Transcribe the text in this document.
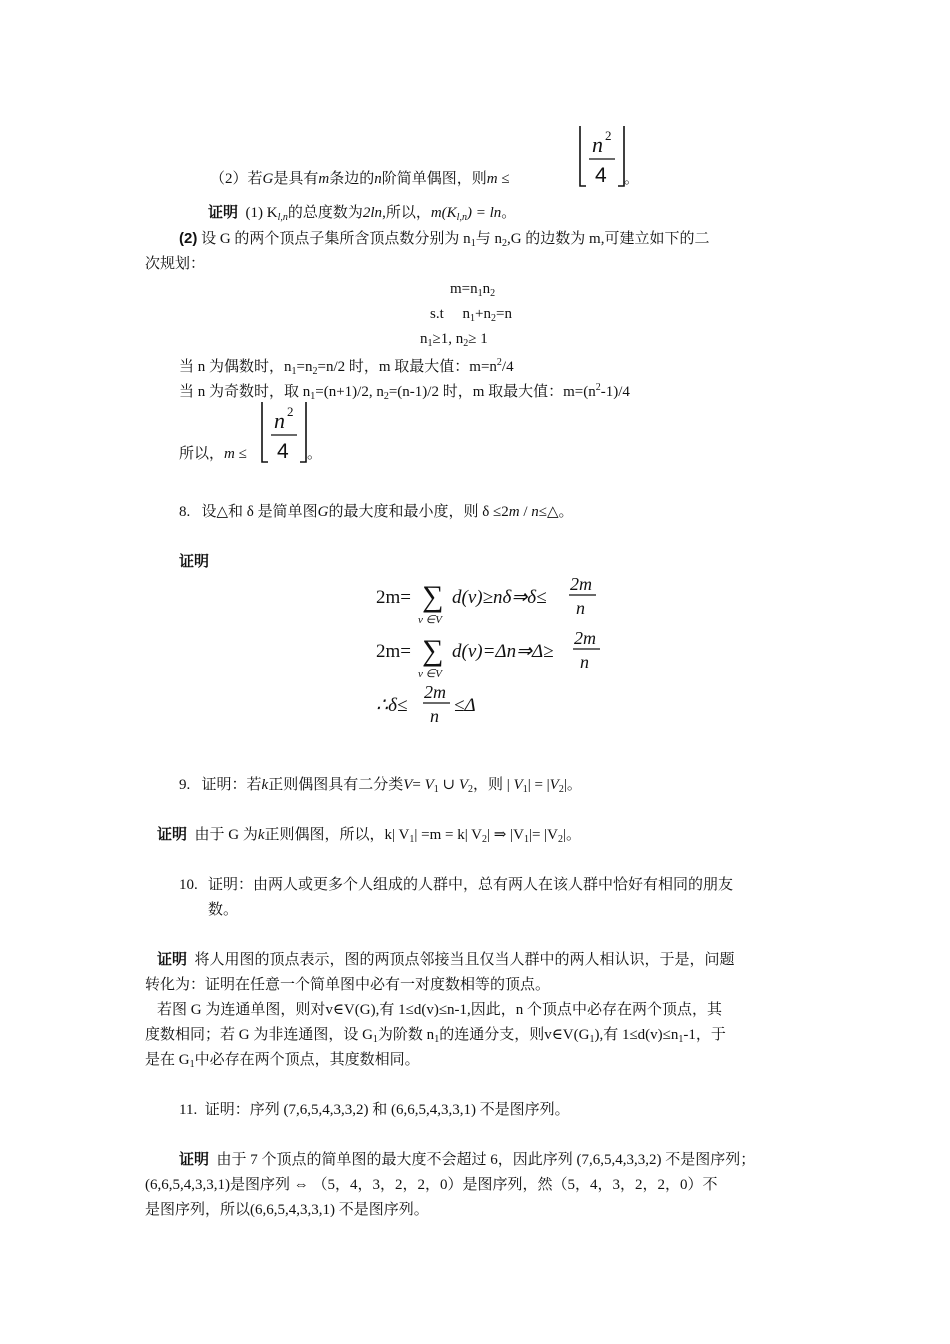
（2）若G是具有m条边的n阶简单偶图，则m ≤
n 2
4 。
证明 (1) $K_{l,n}$的总度数为2ln,所以，$m(K_{l,n}) = \ln$。
(2) 设 G 的两个顶点子集所含顶点数分别为 $n_1$与 $n_2,G$ 的边数为 m,可建立如下的二
次规划：
$m=n_1n_2$
s.t $n_1+n_2=n$
$n_1\ge 1$, $n_2\ge 1$
当 n 为偶数时，$n_1=n_2=n/2$ 时，m 取最大值：$m=n^2/4$
当 n 为奇数时，取 $n_1=(n+1)/2$, $n_2=(n-1)/2$ 时，m 取最大值：$m=(n^2-1)/4$
所以，m ≤
n 2
4 。
8. 设△和 δ 是简单图G的最大度和最小度，则 δ ≤2m / n≤△。
证明
2m= ∑
v ∈V
d(v)≥nδ⇒δ≤
2m
n
2m= ∑
v ∈V
d(v)=Δn⇒Δ≥
2m
n
∴δ≤
2m
n ≤Δ
9. 证明：若k正则偶图具有二分类$V= V_1$ ∪ $V_2$，则 | $V_1| = |V_2|$。
证明 由于 G 为k正则偶图，所以，k| $V_1| =m = k|$ $V_2|$ ⇒ $|V_1|= |V_2|$。
10. 证明：由两人或更多个人组成的人群中，总有两人在该人群中恰好有相同的朋友
数。
证明 将人用图的顶点表示，图的两顶点邻接当且仅当人群中的两人相认识，于是，问题
转化为：证明在任意一个简单图中必有一对度数相等的顶点。
若图 G 为连通单图，则对v∈V(G),有 1≤d(v)≤n-1,因此，n 个顶点中必存在两个顶点，其
度数相同；若 G 为非连通图，设 $G_1$为阶数 $n_1$的连通分支，则$v\in V(G_1)$,有 $1\le d(v)\le n_1-1$，于
是在 $G_1$中必存在两个顶点，其度数相同。
11. 证明：序列 (7,6,5,4,3,3,2) 和 (6,6,5,4,3,3,1) 不是图序列。
证明 由于 7 个顶点的简单图的最大度不会超过 6，因此序列 (7,6,5,4,3,3,2) 不是图序列；
(6,6,5,4,3,3,1)是图序列 ⇔ （5，4，3，2，2，0）是图序列，然（5，4，3，2，2，0）不
是图序列，所以(6,6,5,4,3,3,1) 不是图序列。
